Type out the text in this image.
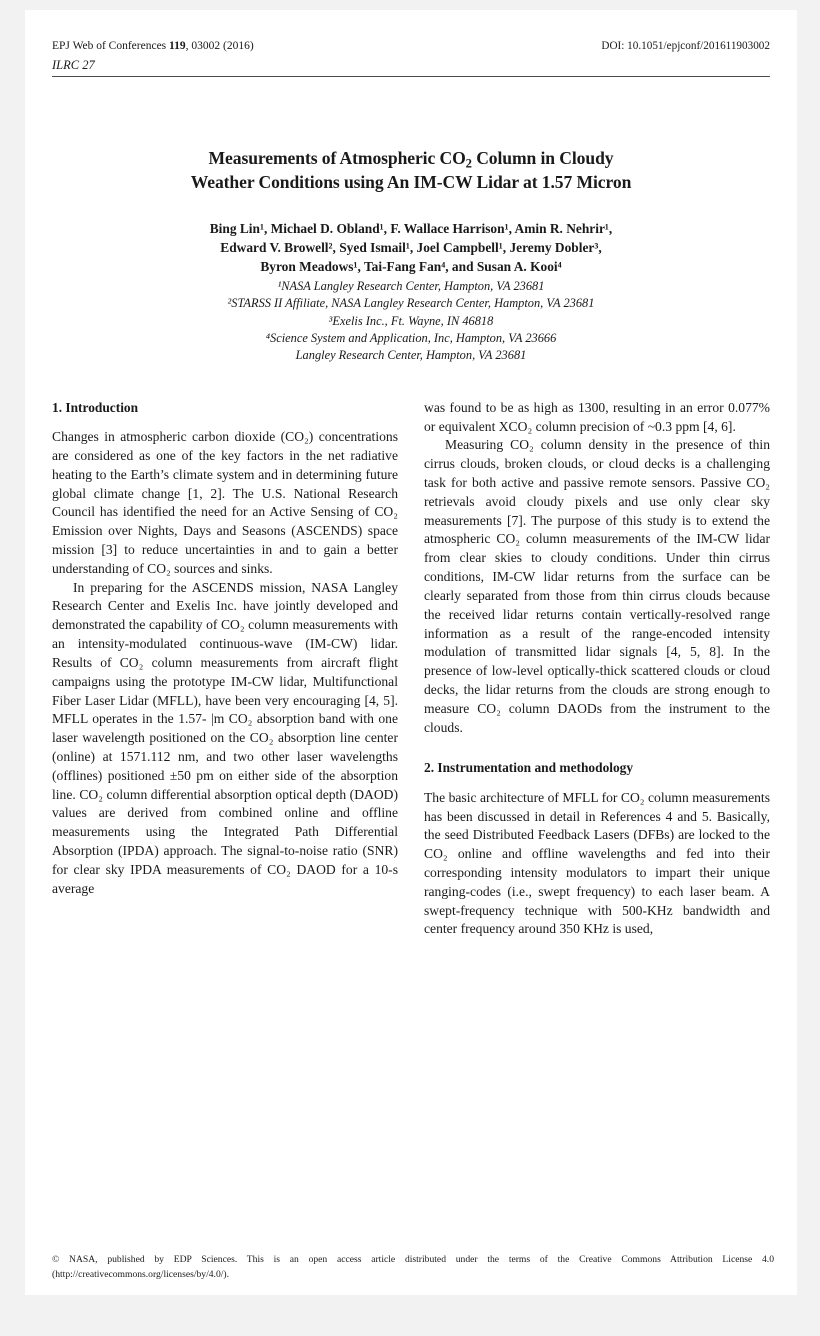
EPJ Web of Conferences 119, 03002 (2016)	DOI: 10.1051/epjconf/201611903002
ILRC 27
Measurements of Atmospheric $CO_2$ Column in Cloudy
Weather Conditions using An IM-CW Lidar at 1.57 Micron
Bing Lin¹, Michael D. Obland¹, F. Wallace Harrison¹, Amin R. Nehrir¹,
Edward V. Browell², Syed Ismail¹, Joel Campbell¹, Jeremy Dobler³,
Byron Meadows¹, Tai-Fang Fan⁴, and Susan A. Kooi⁴
¹NASA Langley Research Center, Hampton, VA 23681
²STARSS II Affiliate, NASA Langley Research Center, Hampton, VA 23681
³Exelis Inc., Ft. Wayne, IN 46818
⁴Science System and Application, Inc, Hampton, VA 23666
Langley Research Center, Hampton, VA 23681
1. Introduction

Changes in atmospheric carbon dioxide (CO₂) concentrations are considered as one of the key factors in the net radiative heating to the Earth’s climate system and in determining future global climate change [1, 2]. The U.S. National Research Council has identified the need for an Active Sensing of CO₂ Emission over Nights, Days and Seasons (ASCENDS) space mission [3] to reduce uncertainties in and to gain a better understanding of CO₂ sources and sinks.

In preparing for the ASCENDS mission, NASA Langley Research Center and Exelis Inc. have jointly developed and demonstrated the capability of CO₂ column measurements with an intensity-modulated continuous-wave (IM-CW) lidar. Results of CO₂ column measurements from aircraft flight campaigns using the prototype IM-CW lidar, Multifunctional Fiber Laser Lidar (MFLL), have been very encouraging [4, 5]. MFLL operates in the 1.57- |m CO₂ absorption band with one laser wavelength positioned on the CO₂ absorption line center (online) at 1571.112 nm, and two other laser wavelengths (offlines) positioned ±50 pm on either side of the absorption line. CO₂ column differential absorption optical depth (DAOD) values are derived from combined online and offline measurements using the Integrated Path Differential Absorption (IPDA) approach. The signal-to-noise ratio (SNR) for clear sky IPDA measurements of CO₂ DAOD for a 10-s average

was found to be as high as 1300, resulting in an error 0.077% or equivalent XCO₂ column precision of ~0.3 ppm [4, 6].

Measuring CO₂ column density in the presence of thin cirrus clouds, broken clouds, or cloud decks is a challenging task for both active and passive remote sensors. Passive CO₂ retrievals avoid cloudy pixels and use only clear sky measurements [7]. The purpose of this study is to extend the atmospheric CO₂ column measurements of the IM-CW lidar from clear skies to cloudy conditions. Under thin cirrus conditions, IM-CW lidar returns from the surface can be clearly separated from those from thin cirrus clouds because the received lidar returns contain vertically-resolved range information as a result of the range-encoded intensity modulation of transmitted lidar signals [4, 5, 8]. In the presence of low-level optically-thick scattered clouds or cloud decks, the lidar returns from the clouds are strong enough to measure CO₂ column DAODs from the instrument to the clouds.

2. Instrumentation and methodology

The basic architecture of MFLL for CO₂ column measurements has been discussed in detail in References 4 and 5. Basically, the seed Distributed Feedback Lasers (DFBs) are locked to the CO₂ online and offline wavelengths and fed into their corresponding intensity modulators to impart their unique ranging-codes (i.e., swept frequency) to each laser beam. A swept-frequency technique with 500-KHz bandwidth and center frequency around 350 KHz is used,

© NASA, published by EDP Sciences. This is an open access article distributed under the terms of the Creative Commons Attribution License 4.0 (http://creativecommons.org/licenses/by/4.0/).
